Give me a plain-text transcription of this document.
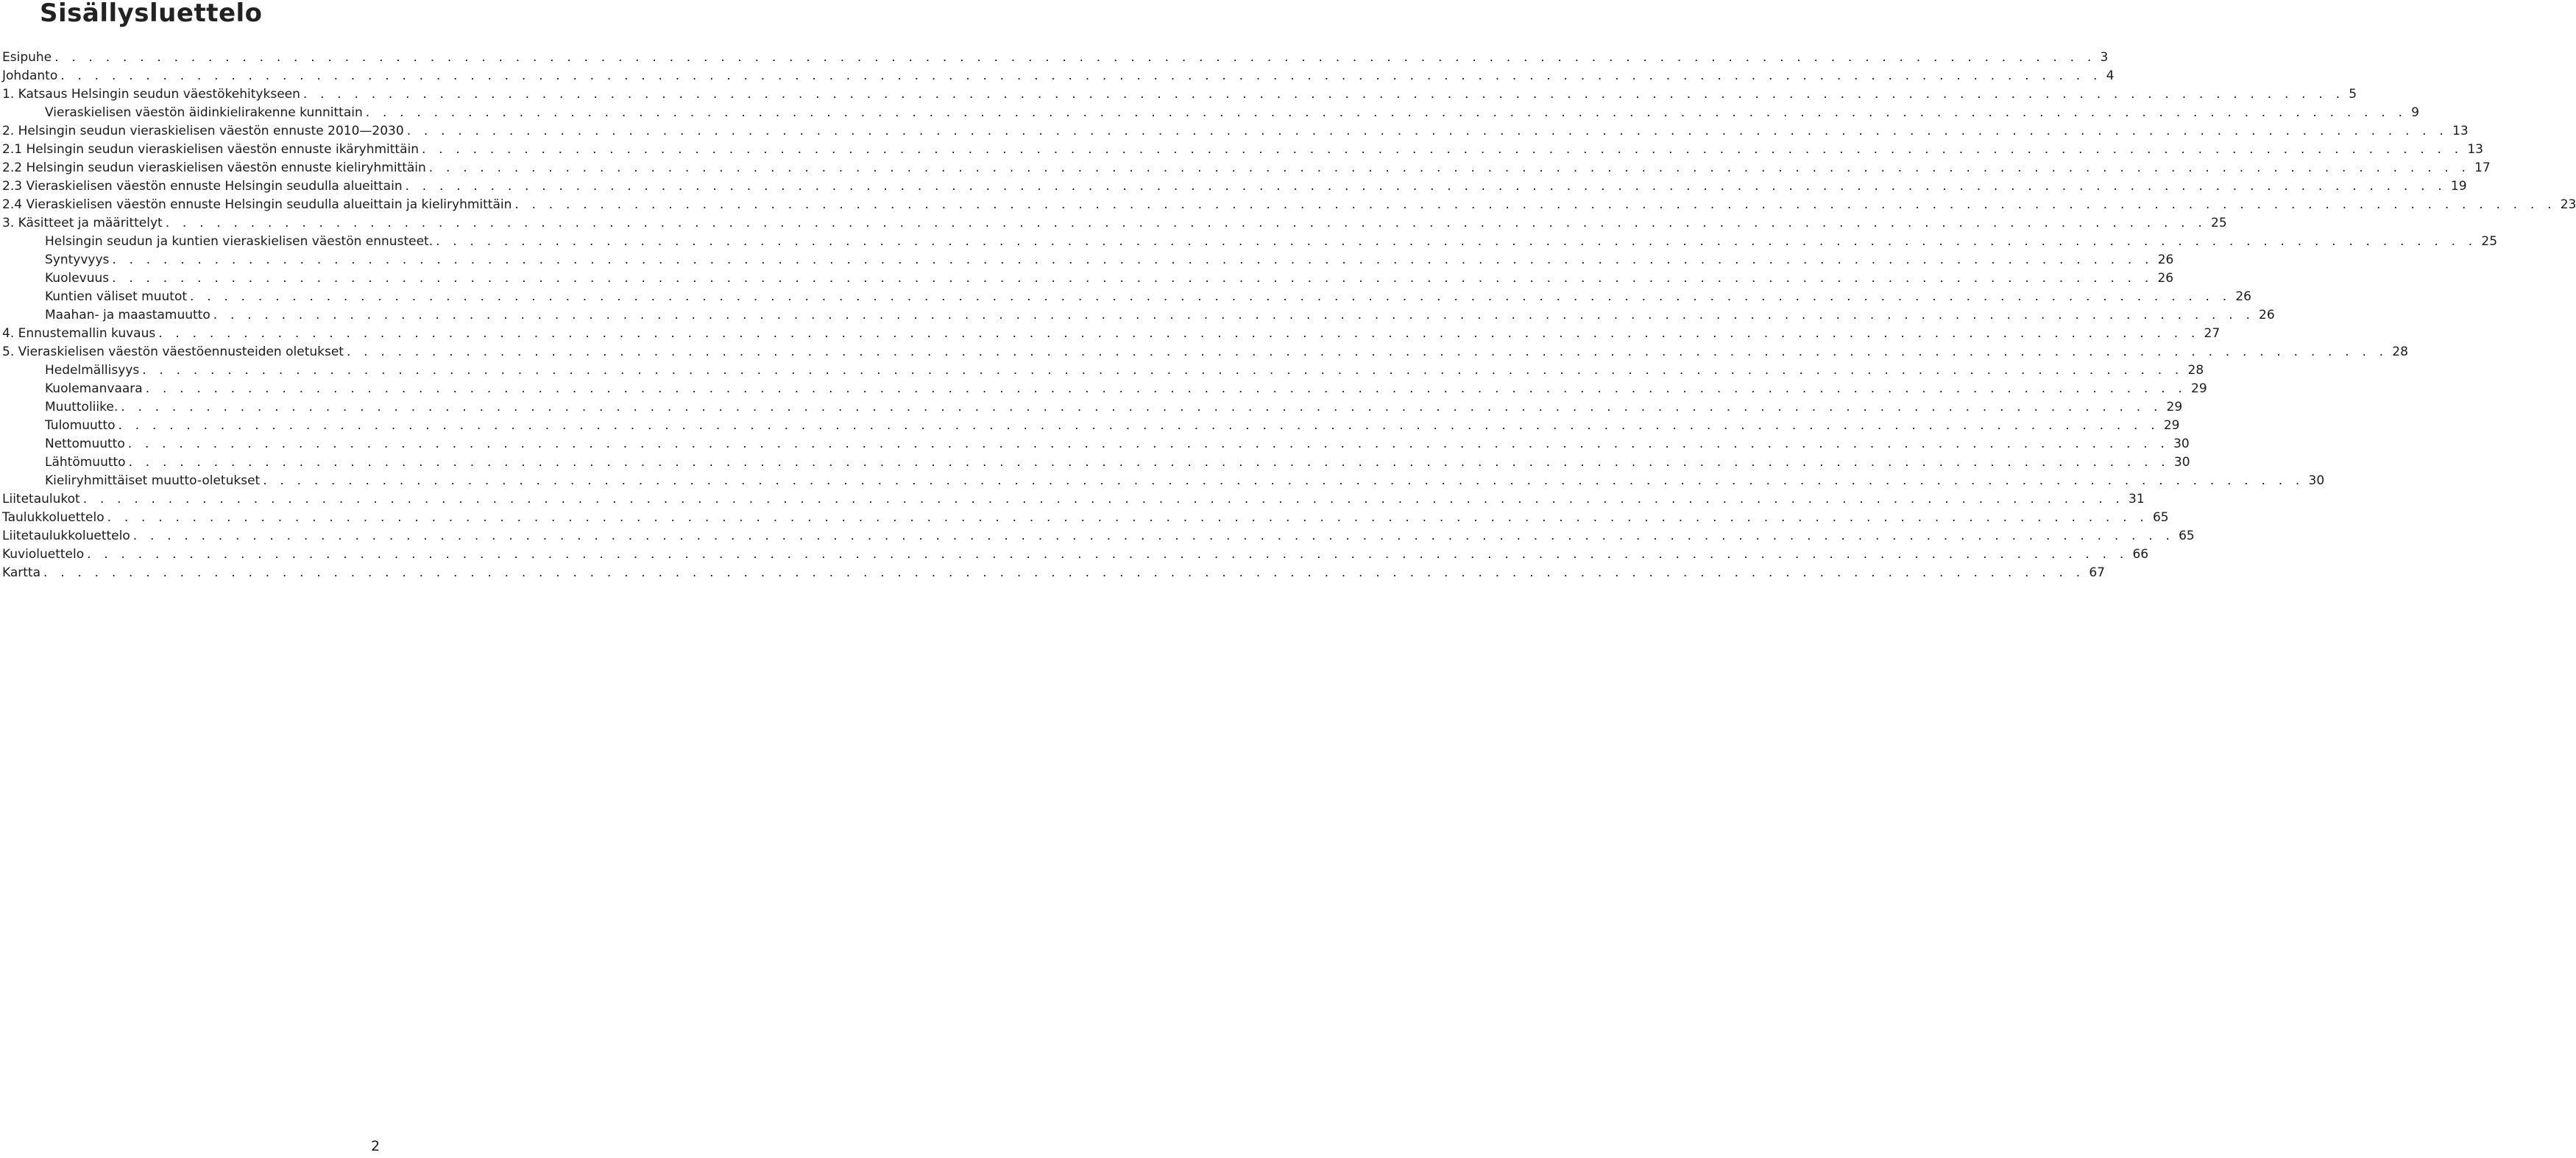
Sisällysluettelo
Esipuhe . . . . . . . . . . . . . . . . . . . . . . . . . . . . . . . . . . . . . . . . . . . . . . . . . . . . . . . . . . . . . . . . . . . . . . . . . . . . . . . . . . . . . . . . . . . . . . . . . . . . . . . . . . . . . . . . . . . . . . . . 3
Johdanto . . . . . . . . . . . . . . . . . . . . . . . . . . . . . . . . . . . . . . . . . . . . . . . . . . . . . . . . . . . . . . . . . . . . . . . . . . . . . . . . . . . . . . . . . . . . . . . . . . . . . . . . . . . . . . . . . . . . . . . . 4
1. Katsaus Helsingin seudun väestökehitykseen . . . . . . . . . . . . . . . . . . . . . . . . . . . . . . . . . . . . . . . . . . . . . . . . . . . . . . . . . . . . . . . . . . . . . . . . . . . . . . . . . . . . . . . . . . . . . . . . . . . . . . . . . . . . . . . . . . . . . . . . 5
Vieraskielisen väestön äidinkielirakenne kunnittain . . . . . . . . . . . . . . . . . . . . . . . . . . . . . . . . . . . . . . . . . . . . . . . . . . . . . . . . . . . . . . . . . . . . . . . . . . . . . . . . . . . . . . . . . . . . . . . . . . . . . . . . . . . . . . . . . . . . . . . . 9
2. Helsingin seudun vieraskielisen väestön ennuste 2010—2030 . . . . . . . . . . . . . . . . . . . . . . . . . . . . . . . . . . . . . . . . . . . . . . . . . . . . . . . . . . . . . . . . . . . . . . . . . . . . . . . . . . . . . . . . . . . . . . . . . . . . . . . . . . . . . . . . . . . . . . . . 13
2.1 Helsingin seudun vieraskielisen väestön ennuste ikäryhmittäin . . . . . . . . . . . . . . . . . . . . . . . . . . . . . . . . . . . . . . . . . . . . . . . . . . . . . . . . . . . . . . . . . . . . . . . . . . . . . . . . . . . . . . . . . . . . . . . . . . . . . . . . . . . . . . . . . . . . . . . . 13
2.2 Helsingin seudun vieraskielisen väestön ennuste kieliryhmittäin . . . . . . . . . . . . . . . . . . . . . . . . . . . . . . . . . . . . . . . . . . . . . . . . . . . . . . . . . . . . . . . . . . . . . . . . . . . . . . . . . . . . . . . . . . . . . . . . . . . . . . . . . . . . . . . . . . . . . . . . 17
2.3 Vieraskielisen väestön ennuste Helsingin seudulla alueittain . . . . . . . . . . . . . . . . . . . . . . . . . . . . . . . . . . . . . . . . . . . . . . . . . . . . . . . . . . . . . . . . . . . . . . . . . . . . . . . . . . . . . . . . . . . . . . . . . . . . . . . . . . . . . . . . . . . . . . . . 19
2.4 Vieraskielisen väestön ennuste Helsingin seudulla alueittain ja kieliryhmittäin . . . . . . . . . . . . . . . . . . . . . . . . . . . . . . . . . . . . . . . . . . . . . . . . . . . . . . . . . . . . . . . . . . . . . . . . . . . . . . . . . . . . . . . . . . . . . . . . . . . . . . . . . . . . . . . . . . . . . . . . 23
3. Käsitteet ja määrittelyt . . . . . . . . . . . . . . . . . . . . . . . . . . . . . . . . . . . . . . . . . . . . . . . . . . . . . . . . . . . . . . . . . . . . . . . . . . . . . . . . . . . . . . . . . . . . . . . . . . . . . . . . . . . . . . . . . . . . . . . . 25
Helsingin seudun ja kuntien vieraskielisen väestön ennusteet. . . . . . . . . . . . . . . . . . . . . . . . . . . . . . . . . . . . . . . . . . . . . . . . . . . . . . . . . . . . . . . . . . . . . . . . . . . . . . . . . . . . . . . . . . . . . . . . . . . . . . . . . . . . . . . . . . . . . . . . . 25
Syntyvyys . . . . . . . . . . . . . . . . . . . . . . . . . . . . . . . . . . . . . . . . . . . . . . . . . . . . . . . . . . . . . . . . . . . . . . . . . . . . . . . . . . . . . . . . . . . . . . . . . . . . . . . . . . . . . . . . . . . . . . . . 26
Kuolevuus . . . . . . . . . . . . . . . . . . . . . . . . . . . . . . . . . . . . . . . . . . . . . . . . . . . . . . . . . . . . . . . . . . . . . . . . . . . . . . . . . . . . . . . . . . . . . . . . . . . . . . . . . . . . . . . . . . . . . . . . 26
Kuntien väliset muutot . . . . . . . . . . . . . . . . . . . . . . . . . . . . . . . . . . . . . . . . . . . . . . . . . . . . . . . . . . . . . . . . . . . . . . . . . . . . . . . . . . . . . . . . . . . . . . . . . . . . . . . . . . . . . . . . . . . . . . . . 26
Maahan- ja maastamuutto . . . . . . . . . . . . . . . . . . . . . . . . . . . . . . . . . . . . . . . . . . . . . . . . . . . . . . . . . . . . . . . . . . . . . . . . . . . . . . . . . . . . . . . . . . . . . . . . . . . . . . . . . . . . . . . . . . . . . . . . 26
4. Ennustemallin kuvaus . . . . . . . . . . . . . . . . . . . . . . . . . . . . . . . . . . . . . . . . . . . . . . . . . . . . . . . . . . . . . . . . . . . . . . . . . . . . . . . . . . . . . . . . . . . . . . . . . . . . . . . . . . . . . . . . . . . . . . . . 27
5. Vieraskielisen väestön väestöennusteiden oletukset . . . . . . . . . . . . . . . . . . . . . . . . . . . . . . . . . . . . . . . . . . . . . . . . . . . . . . . . . . . . . . . . . . . . . . . . . . . . . . . . . . . . . . . . . . . . . . . . . . . . . . . . . . . . . . . . . . . . . . . . 28
Hedelmällisyys . . . . . . . . . . . . . . . . . . . . . . . . . . . . . . . . . . . . . . . . . . . . . . . . . . . . . . . . . . . . . . . . . . . . . . . . . . . . . . . . . . . . . . . . . . . . . . . . . . . . . . . . . . . . . . . . . . . . . . . . 28
Kuolemanvaara . . . . . . . . . . . . . . . . . . . . . . . . . . . . . . . . . . . . . . . . . . . . . . . . . . . . . . . . . . . . . . . . . . . . . . . . . . . . . . . . . . . . . . . . . . . . . . . . . . . . . . . . . . . . . . . . . . . . . . . . 29
Muuttoliike. . . . . . . . . . . . . . . . . . . . . . . . . . . . . . . . . . . . . . . . . . . . . . . . . . . . . . . . . . . . . . . . . . . . . . . . . . . . . . . . . . . . . . . . . . . . . . . . . . . . . . . . . . . . . . . . . . . . . . . . . 29
Tulomuutto . . . . . . . . . . . . . . . . . . . . . . . . . . . . . . . . . . . . . . . . . . . . . . . . . . . . . . . . . . . . . . . . . . . . . . . . . . . . . . . . . . . . . . . . . . . . . . . . . . . . . . . . . . . . . . . . . . . . . . . . 29
Nettomuutto . . . . . . . . . . . . . . . . . . . . . . . . . . . . . . . . . . . . . . . . . . . . . . . . . . . . . . . . . . . . . . . . . . . . . . . . . . . . . . . . . . . . . . . . . . . . . . . . . . . . . . . . . . . . . . . . . . . . . . . . 30
Lähtömuutto . . . . . . . . . . . . . . . . . . . . . . . . . . . . . . . . . . . . . . . . . . . . . . . . . . . . . . . . . . . . . . . . . . . . . . . . . . . . . . . . . . . . . . . . . . . . . . . . . . . . . . . . . . . . . . . . . . . . . . . . 30
Kieliryhmittäiset muutto-oletukset . . . . . . . . . . . . . . . . . . . . . . . . . . . . . . . . . . . . . . . . . . . . . . . . . . . . . . . . . . . . . . . . . . . . . . . . . . . . . . . . . . . . . . . . . . . . . . . . . . . . . . . . . . . . . . . . . . . . . . . . 30
Liitetaulukot . . . . . . . . . . . . . . . . . . . . . . . . . . . . . . . . . . . . . . . . . . . . . . . . . . . . . . . . . . . . . . . . . . . . . . . . . . . . . . . . . . . . . . . . . . . . . . . . . . . . . . . . . . . . . . . . . . . . . . . . 31
Taulukkoluettelo . . . . . . . . . . . . . . . . . . . . . . . . . . . . . . . . . . . . . . . . . . . . . . . . . . . . . . . . . . . . . . . . . . . . . . . . . . . . . . . . . . . . . . . . . . . . . . . . . . . . . . . . . . . . . . . . . . . . . . . . 65
Liitetaulukkoluettelo . . . . . . . . . . . . . . . . . . . . . . . . . . . . . . . . . . . . . . . . . . . . . . . . . . . . . . . . . . . . . . . . . . . . . . . . . . . . . . . . . . . . . . . . . . . . . . . . . . . . . . . . . . . . . . . . . . . . . . . . 65
Kuvioluettelo . . . . . . . . . . . . . . . . . . . . . . . . . . . . . . . . . . . . . . . . . . . . . . . . . . . . . . . . . . . . . . . . . . . . . . . . . . . . . . . . . . . . . . . . . . . . . . . . . . . . . . . . . . . . . . . . . . . . . . . . 66
Kartta . . . . . . . . . . . . . . . . . . . . . . . . . . . . . . . . . . . . . . . . . . . . . . . . . . . . . . . . . . . . . . . . . . . . . . . . . . . . . . . . . . . . . . . . . . . . . . . . . . . . . . . . . . . . . . . . . . . . . . . . 67
2
